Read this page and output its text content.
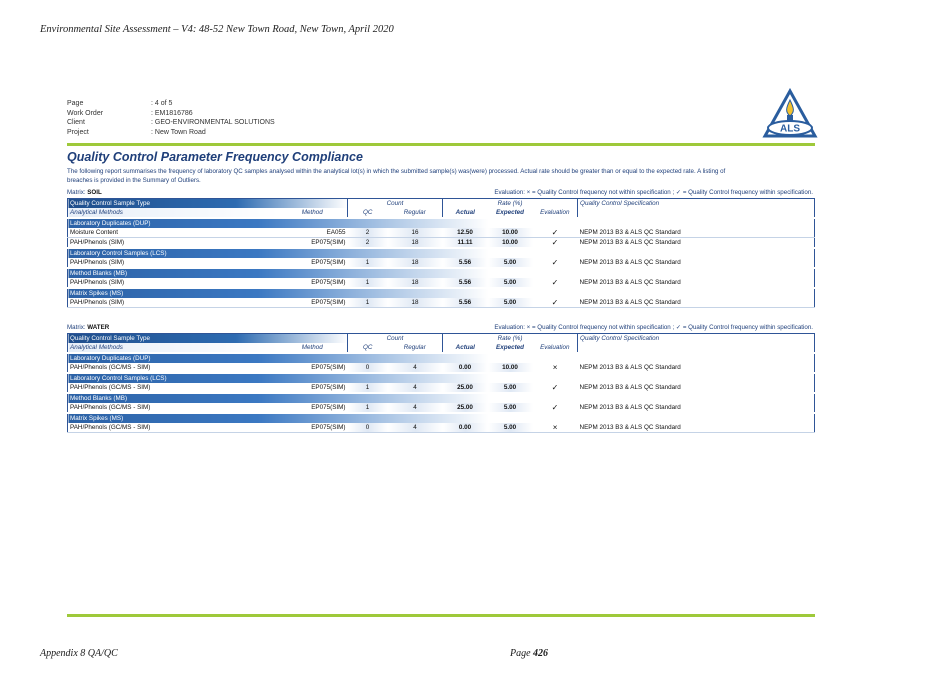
Environmental Site Assessment – V4: 48-52 New Town Road, New Town, April 2020
Page	: 4 of 5
Work Order	: EM1816786
Client	: GEO-ENVIRONMENTAL SOLUTIONS
Project	: New Town Road	ALS
Quality Control Parameter Frequency Compliance
The following report summarises the frequency of laboratory QC samples analysed within the analytical lot(s) in which the submitted sample(s) was(were) processed. Actual rate should be greater than or equal to the expected rate. A listing of breaches is provided in the Summary of Outliers.
Matrix: SOIL	Evaluation: × = Quality Control frequency not within specification ; ✓ = Quality Control frequency within specification.
Quality Control Sample Type		Count		Rate (%)			Quality Control Specification
Analytical Methods	Method	QC	Regular	Actual	Expected	Evaluation	
Laboratory Duplicates (DUP)							
Moisture Content	EA055	2	16	12.50	10.00	✓	NEPM 2013 B3 & ALS QC Standard
PAH/Phenols (SIM)	EP075(SIM)	2	18	11.11	10.00	✓	NEPM 2013 B3 & ALS QC Standard
Laboratory Control Samples (LCS)							
PAH/Phenols (SIM)	EP075(SIM)	1	18	5.56	5.00	✓	NEPM 2013 B3 & ALS QC Standard
Method Blanks (MB)							
PAH/Phenols (SIM)	EP075(SIM)	1	18	5.56	5.00	✓	NEPM 2013 B3 & ALS QC Standard
Matrix Spikes (MS)							
PAH/Phenols (SIM)	EP075(SIM)	1	18	5.56	5.00	✓	NEPM 2013 B3 & ALS QC Standard
Matrix: WATER	Evaluation: × = Quality Control frequency not within specification ; ✓ = Quality Control frequency within specification.
Quality Control Sample Type		Count		Rate (%)			Quality Control Specification
Analytical Methods	Method	QC	Regular	Actual	Expected	Evaluation	
Laboratory Duplicates (DUP)							
PAH/Phenols (GC/MS - SIM)	EP075(SIM)	0	4	0.00	10.00	×	NEPM 2013 B3 & ALS QC Standard
Laboratory Control Samples (LCS)							
PAH/Phenols (GC/MS - SIM)	EP075(SIM)	1	4	25.00	5.00	✓	NEPM 2013 B3 & ALS QC Standard
Method Blanks (MB)							
PAH/Phenols (GC/MS - SIM)	EP075(SIM)	1	4	25.00	5.00	✓	NEPM 2013 B3 & ALS QC Standard
Matrix Spikes (MS)							
PAH/Phenols (GC/MS - SIM)	EP075(SIM)	0	4	0.00	5.00	×	NEPM 2013 B3 & ALS QC Standard
Appendix 8 QA/QC	Page 426
